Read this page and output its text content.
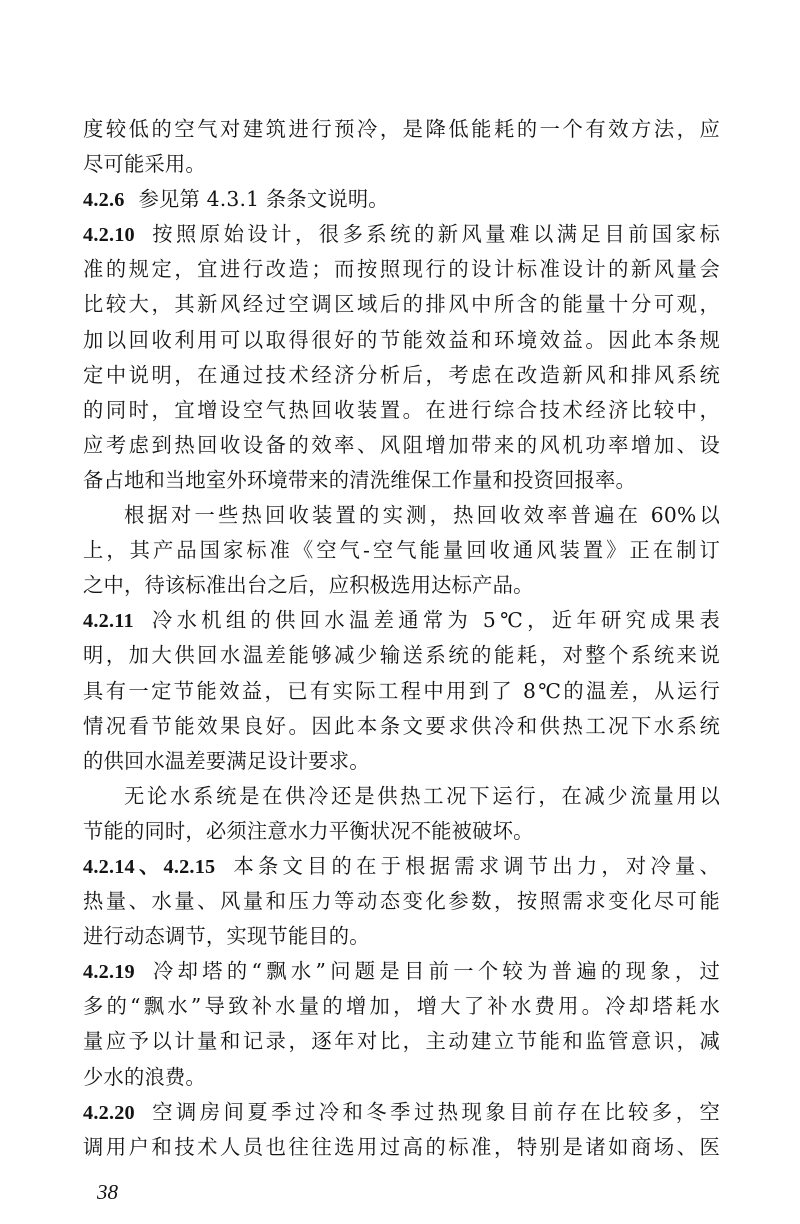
度较低的空气对建筑进行预冷，是降低能耗的一个有效方法，应
尽可能采用。
4.2.6 参见第 4.3.1 条条文说明。
4.2.10 按照原始设计，很多系统的新风量难以满足目前国家标
准的规定，宜进行改造；而按照现行的设计标准设计的新风量会
比较大，其新风经过空调区域后的排风中所含的能量十分可观，
加以回收利用可以取得很好的节能效益和环境效益。因此本条规
定中说明，在通过技术经济分析后，考虑在改造新风和排风系统
的同时，宜增设空气热回收装置。在进行综合技术经济比较中，
应考虑到热回收设备的效率、风阻增加带来的风机功率增加、设
备占地和当地室外环境带来的清洗维保工作量和投资回报率。
根据对一些热回收装置的实测，热回收效率普遍在 60%以
上，其产品国家标准《空气-空气能量回收通风装置》正在制订
之中，待该标准出台之后，应积极选用达标产品。
4.2.11 冷水机组的供回水温差通常为 5℃，近年研究成果表
明，加大供回水温差能够减少输送系统的能耗，对整个系统来说
具有一定节能效益，已有实际工程中用到了 8℃的温差，从运行
情况看节能效果良好。因此本条文要求供冷和供热工况下水系统
的供回水温差要满足设计要求。
无论水系统是在供冷还是供热工况下运行，在减少流量用以
节能的同时，必须注意水力平衡状况不能被破坏。
4.2.14、4.2.15 本条文目的在于根据需求调节出力，对冷量、
热量、水量、风量和压力等动态变化参数，按照需求变化尽可能
进行动态调节，实现节能目的。
4.2.19 冷却塔的“飘水”问题是目前一个较为普遍的现象，过
多的“飘水”导致补水量的增加，增大了补水费用。冷却塔耗水
量应予以计量和记录，逐年对比，主动建立节能和监管意识，减
少水的浪费。
4.2.20 空调房间夏季过冷和冬季过热现象目前存在比较多，空
调用户和技术人员也往往选用过高的标准，特别是诸如商场、医
38
